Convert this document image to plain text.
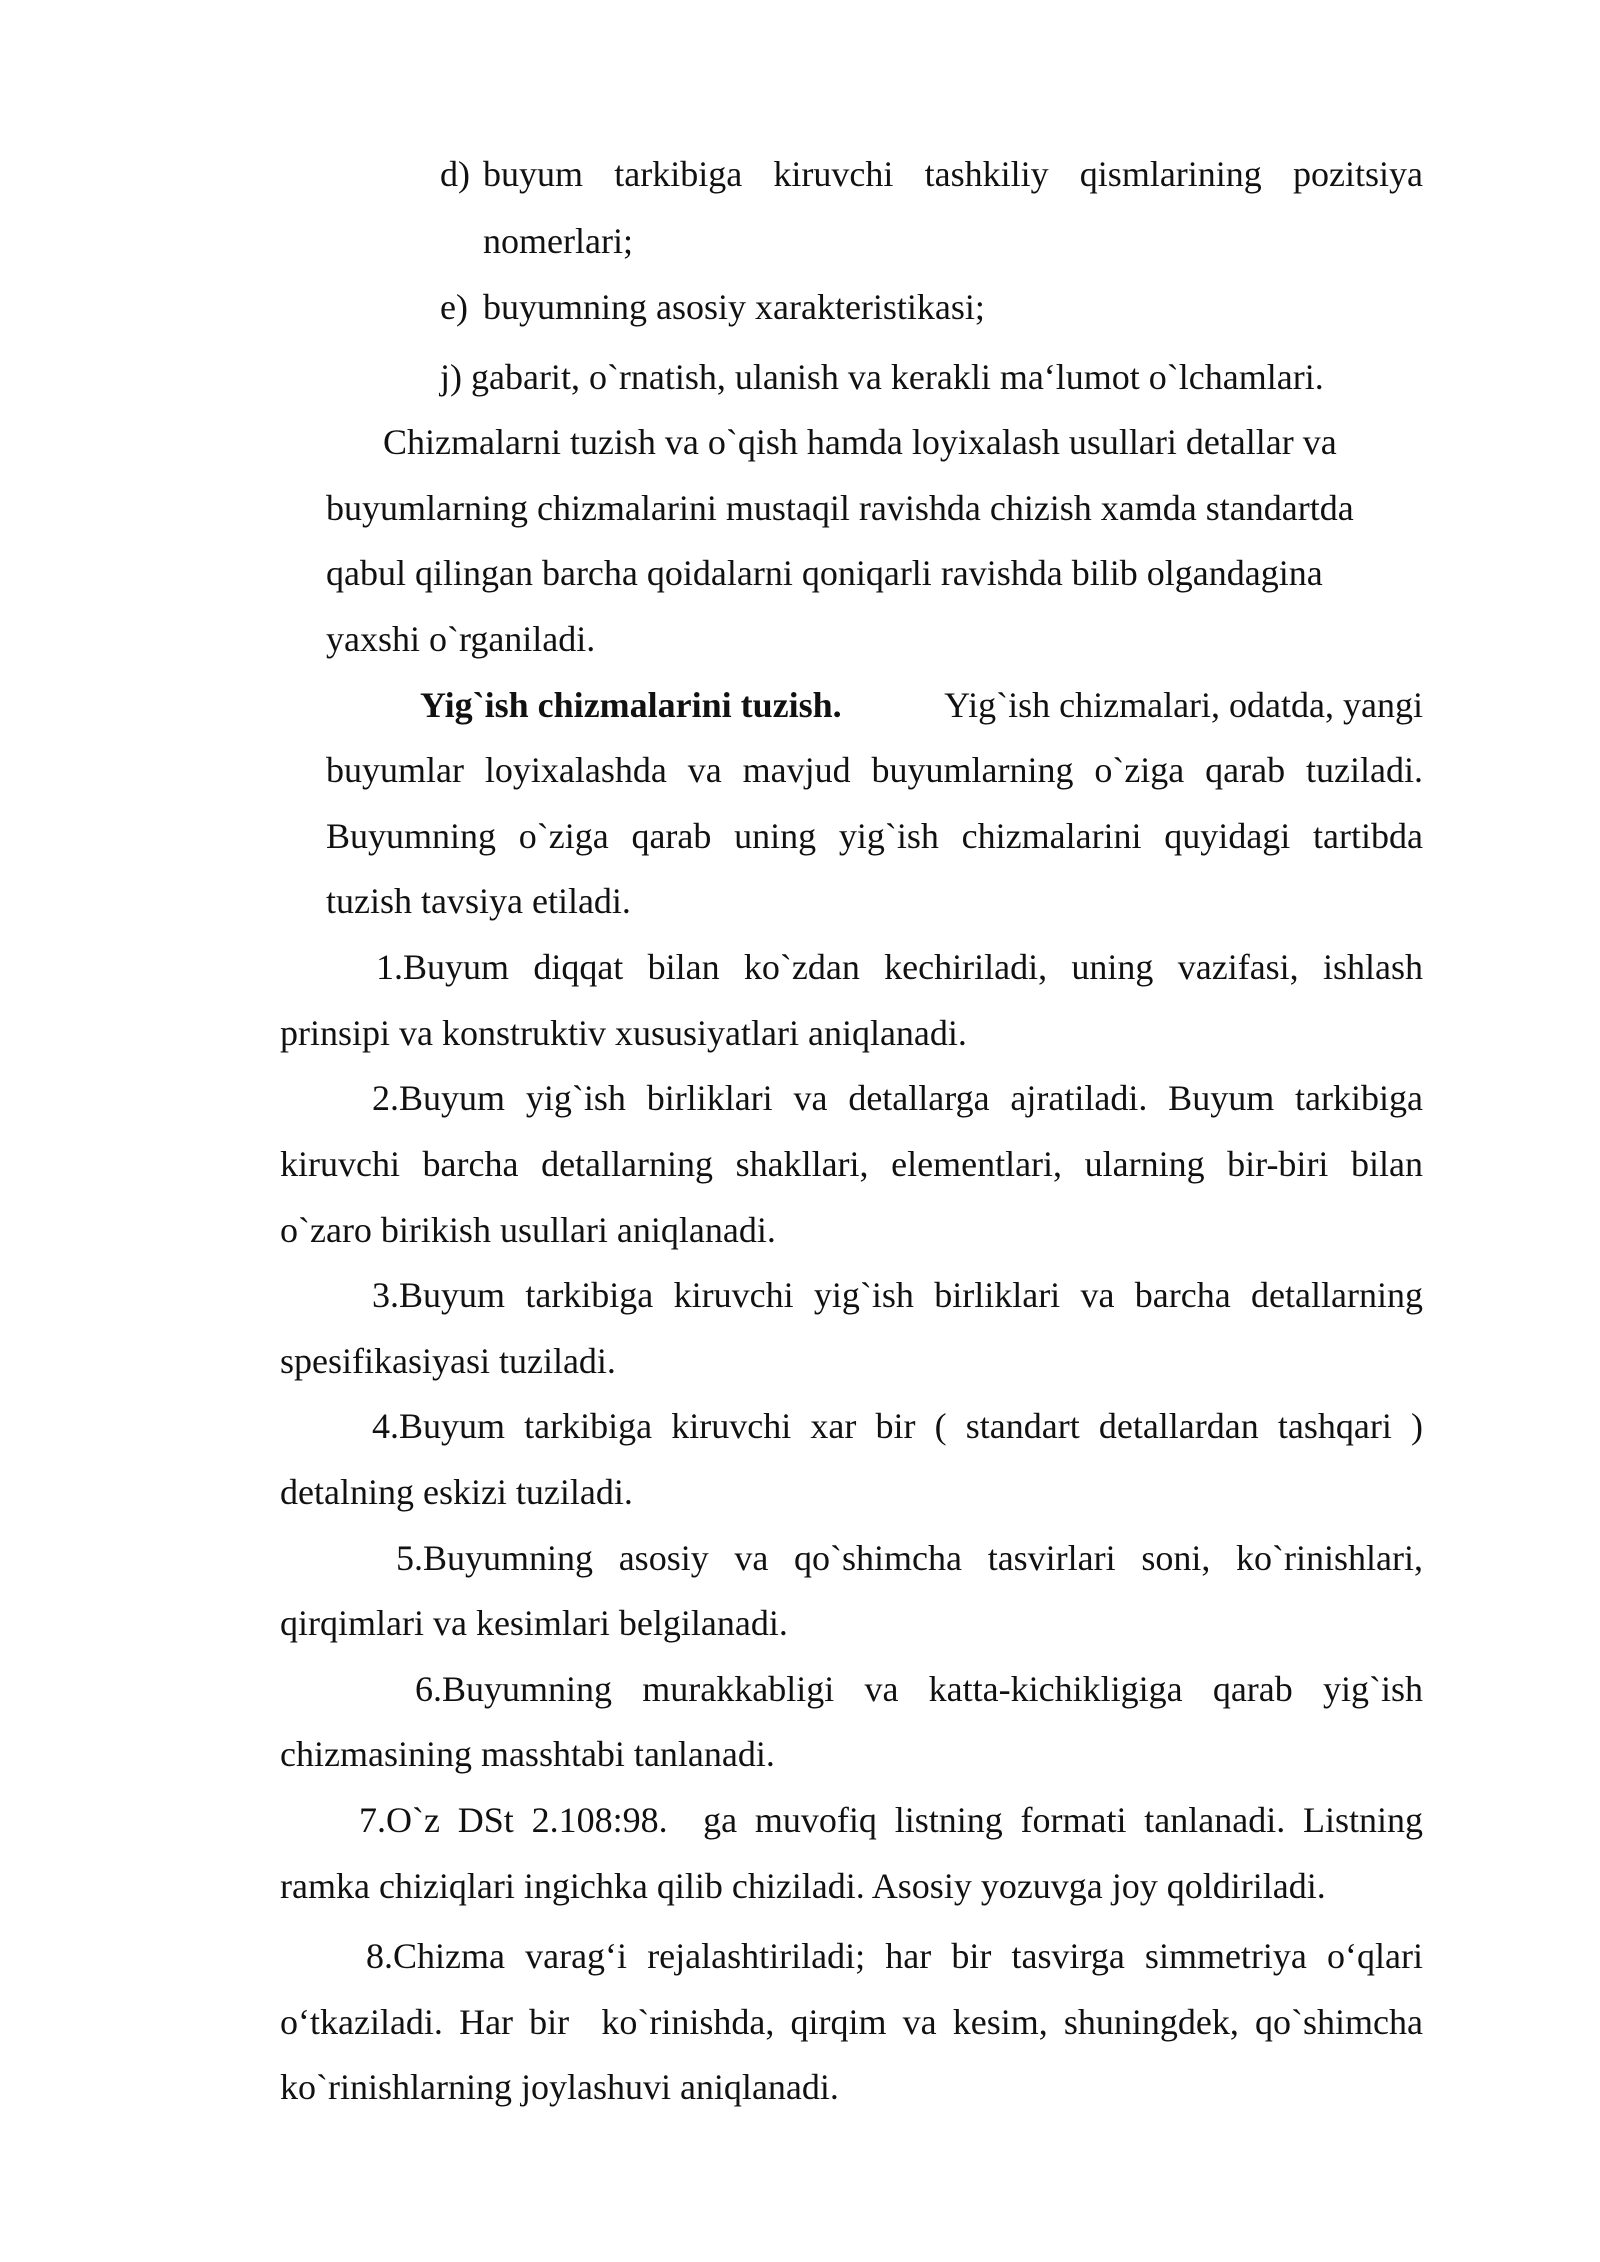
d) buyum tarkibiga kiruvchi tashkiliy qismlarining pozitsiya
nomerlari;
e) buyumning asosiy xarakteristikasi;
j) gabarit, o`rnatish, ulanish va kerakli ma‘lumot o`lchamlari.
Chizmalarni tuzish va o`qish hamda loyixalash usullari detallar va
buyumlarning chizmalarini mustaqil ravishda chizish xamda standartda
qabul qilingan barcha qoidalarni qoniqarli ravishda bilib olgandagina
yaxshi o`rganiladi.
Yig`ish chizmalarini tuzish.	Yig`ish chizmalari, odatda, yangi
buyumlar loyixalashda va mavjud buyumlarning o`ziga qarab tuziladi.
Buyumning o`ziga qarab uning yig`ish chizmalarini quyidagi tartibda
tuzish tavsiya etiladi.
1.Buyum diqqat bilan ko`zdan kechiriladi, uning vazifasi, ishlash
prinsipi va konstruktiv xususiyatlari aniqlanadi.
2.Buyum yig`ish birliklari va detallarga ajratiladi. Buyum tarkibiga
kiruvchi barcha detallarning shakllari, elementlari, ularning bir-biri bilan
o`zaro birikish usullari aniqlanadi.
3.Buyum tarkibiga kiruvchi yig`ish birliklari va barcha detallarning
spesifikasiyasi tuziladi.
4.Buyum tarkibiga kiruvchi xar bir ( standart detallardan tashqari )
detalning eskizi tuziladi.
5.Buyumning asosiy va qo`shimcha tasvirlari soni, ko`rinishlari,
qirqimlari va kesimlari belgilanadi.
6.Buyumning murakkabligi va katta-kichikligiga qarab yig`ish
chizmasining masshtabi tanlanadi.
7.O`z DSt 2.108:98.  ga muvofiq listning formati tanlanadi. Listning
ramka chiziqlari ingichka qilib chiziladi. Asosiy yozuvga joy qoldiriladi.
8.Chizma varag‘i rejalashtiriladi; har bir tasvirga simmetriya o‘qlari
o‘tkaziladi. Har bir  ko`rinishda, qirqim va kesim, shuningdek, qo`shimcha
ko`rinishlarning joylashuvi aniqlanadi.
